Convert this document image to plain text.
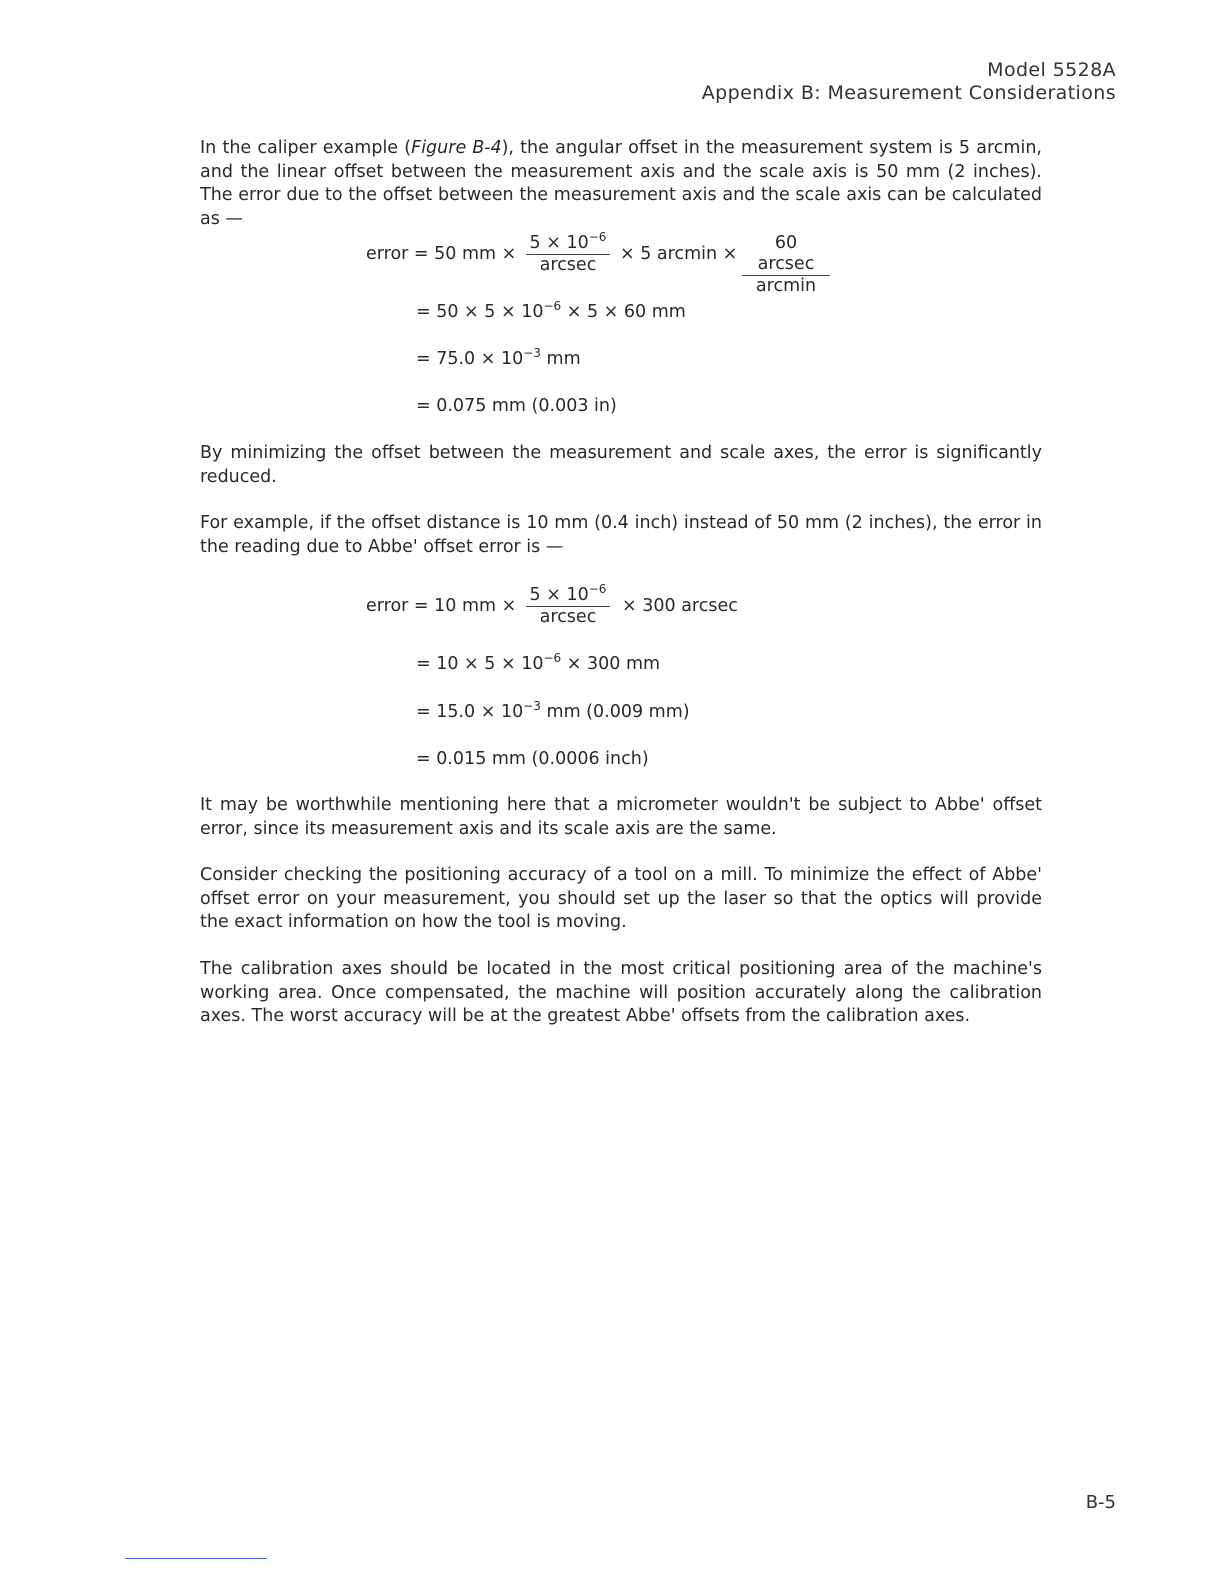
Model 5528A
Appendix B: Measurement Considerations

In the caliper example (Figure B-4), the angular offset in the measurement system is 5 arcmin, and the linear offset between the measurement axis and the scale axis is 50 mm (2 inches). The error due to the offset between the measurement axis and the scale axis can be calculated as —

error = 50 mm ×
$5 \times 10^{-6}$
arcsec
× 5 arcmin ×
60 arcsec
arcmin
= $50 \times 5 \times 10^{-6} \times 5 \times 60$ mm
= $75.0 \times 10^{-3}$ mm
= 0.075 mm (0.003 in)

By minimizing the offset between the measurement and scale axes, the error is significantly reduced.

For example, if the offset distance is 10 mm (0.4 inch) instead of 50 mm (2 inches), the error in the reading due to Abbe' offset error is —

error = 10 mm ×
$5 \times 10^{-6}$
arcsec
× 300 arcsec
= $10 \times 5 \times 10^{-6} \times 300$ mm
= $15.0 \times 10^{-3}$ mm (0.009 mm)
= 0.015 mm (0.0006 inch)

It may be worthwhile mentioning here that a micrometer wouldn't be subject to Abbe' offset error, since its measurement axis and its scale axis are the same.

Consider checking the positioning accuracy of a tool on a mill. To minimize the effect of Abbe' offset error on your measurement, you should set up the laser so that the optics will provide the exact information on how the tool is moving.

The calibration axes should be located in the most critical positioning area of the machine's working area. Once compensated, the machine will position accurately along the calibration axes. The worst accuracy will be at the greatest Abbe' offsets from the calibration axes.

B-5
